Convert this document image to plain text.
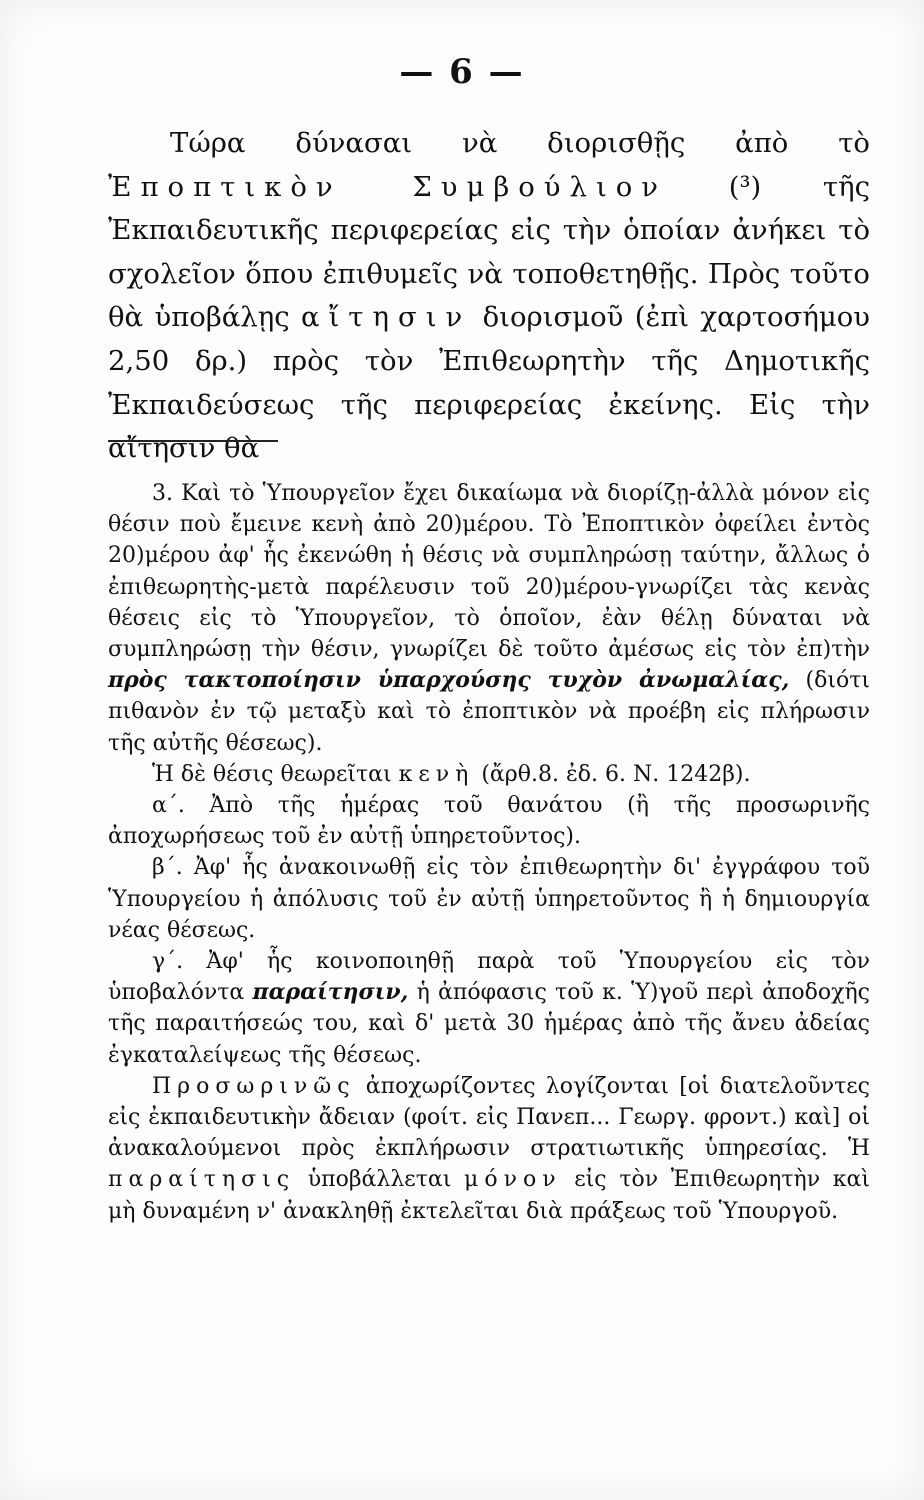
— 6 —

Τώρα δύνασαι νὰ διορισθῇς ἀπὸ τὸ Ἐποπτικὸν Συμβούλιον (³) τῆς Ἐκπαιδευτικῆς περιφερείας εἰς τὴν ὁποίαν ἀνήκει τὸ σχολεῖον ὅπου ἐπιθυμεῖς νὰ τοποθετηθῇς. Πρὸς τοῦτο θὰ ὑποβάλῃς αἴτησιν διορισμοῦ (ἐπὶ χαρτοσήμου 2,50 δρ.) πρὸς τὸν Ἐπιθεωρητὴν τῆς Δημοτικῆς Ἐκπαιδεύσεως τῆς περιφερείας ἐκείνης. Εἰς τὴν αἴτησιν θὰ

3. Καὶ τὸ Ὑπουργεῖον ἔχει δικαίωμα νὰ διορίζῃ-ἀλλὰ μόνον εἰς θέσιν ποὺ ἔμεινε κενὴ ἀπὸ 20)μέρου. Τὸ Ἐποπτικὸν ὀφείλει ἐντὸς 20)μέρου ἀφ' ἧς ἐκενώθη ἡ θέσις νὰ συμπληρώσῃ ταύτην, ἄλλως ὁ ἐπιθεωρητὴς-μετὰ παρέλευσιν τοῦ 20)μέρου-γνωρίζει τὰς κενὰς θέσεις εἰς τὸ Ὑπουργεῖον, τὸ ὁποῖον, ἐὰν θέλῃ δύναται νὰ συμπληρώσῃ τὴν θέσιν, γνωρίζει δὲ τοῦτο ἀμέσως εἰς τὸν ἐπ)τὴν πρὸς τακτοποίησιν ὑπαρχούσης τυχὸν ἀνωμαλίας, (διότι πιθανὸν ἐν τῷ μεταξὺ καὶ τὸ ἐποπτικὸν νὰ προέβη εἰς πλήρωσιν τῆς αὐτῆς θέσεως).

Ἡ δὲ θέσις θεωρεῖται κενὴ (ἄρθ.8. ἐδ. 6. Ν. 1242β).

α΄. Ἀπὸ τῆς ἡμέρας τοῦ θανάτου (ἢ τῆς προσωρινῆς ἀποχωρήσεως τοῦ ἐν αὐτῇ ὑπηρετοῦντος).

β΄. Ἀφ' ἧς ἀνακοινωθῇ εἰς τὸν ἐπιθεωρητὴν δι' ἐγγράφου τοῦ Ὑπουργείου ἡ ἀπόλυσις τοῦ ἐν αὐτῇ ὑπηρετοῦντος ἢ ἡ δημιουργία νέας θέσεως.

γ΄. Ἀφ' ἧς κοινοποιηθῇ παρὰ τοῦ Ὑπουργείου εἰς τὸν ὑποβαλόντα παραίτησιν, ἡ ἀπόφασις τοῦ κ. Ὑ)γοῦ περὶ ἀποδοχῆς τῆς παραιτήσεώς του, καὶ δ' μετὰ 30 ἡμέρας ἀπὸ τῆς ἄνευ ἀδείας ἐγκαταλείψεως τῆς θέσεως.

Προσωρινῶς ἀποχωρίζοντες λογίζονται [οἱ διατελοῦντες εἰς ἐκπαιδευτικὴν ἄδειαν (φοίτ. εἰς Πανεπ... Γεωργ. φροντ.) καὶ] οἱ ἀνακαλούμενοι πρὸς ἐκπλήρωσιν στρατιωτικῆς ὑπηρεσίας. Ἡ παραίτησις ὑποβάλλεται μόνον εἰς τὸν Ἐπιθεωρητὴν καὶ μὴ δυναμένη ν' ἀνακληθῇ ἐκτελεῖται διὰ πράξεως τοῦ Ὑπουργοῦ.
